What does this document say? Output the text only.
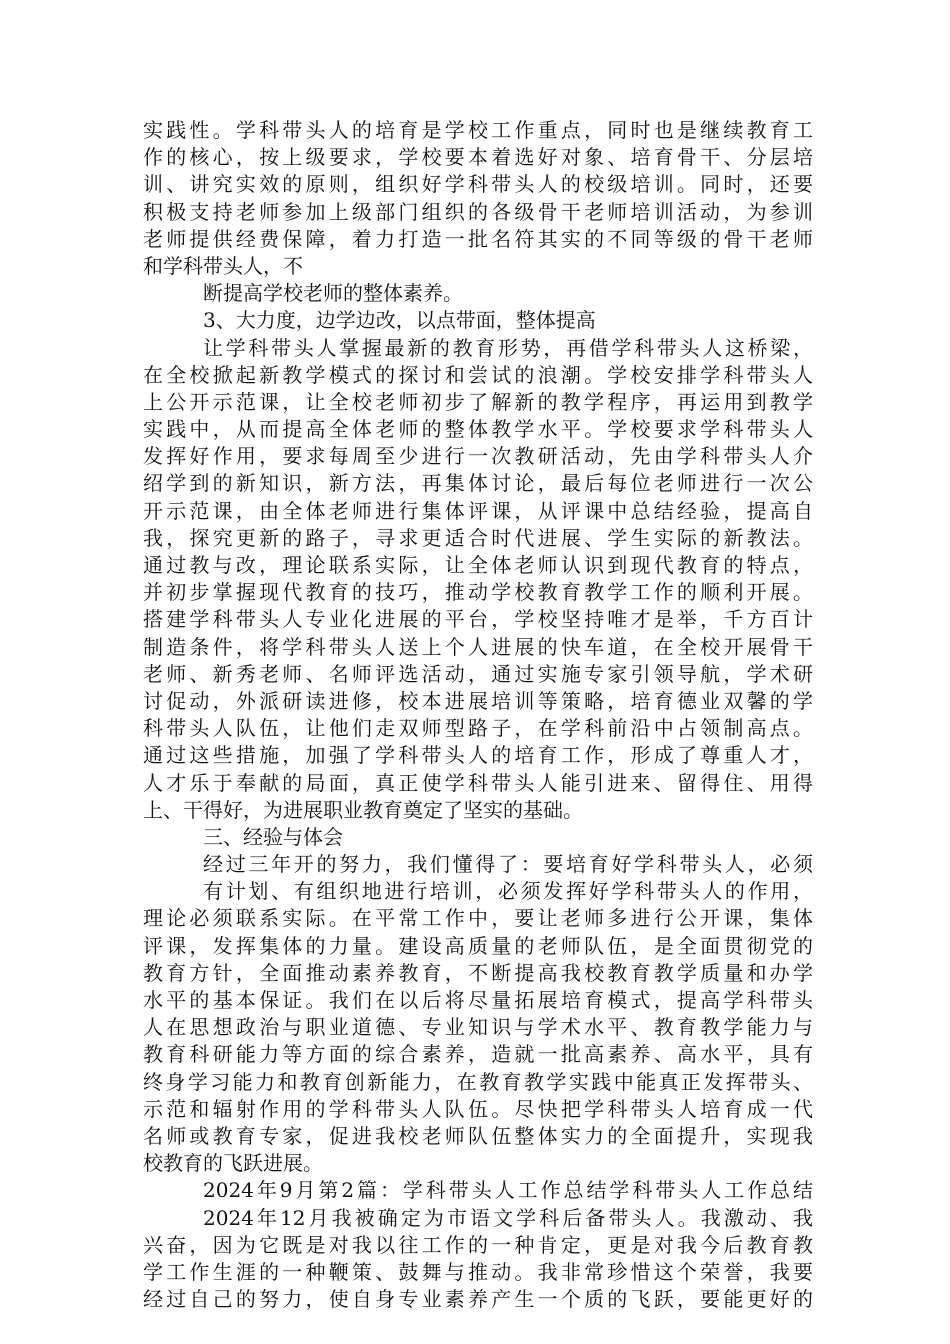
实践性。学科带头人的培育是学校工作重点，同时也是继续教育工
作的核心，按上级要求，学校要本着选好对象、培育骨干、分层培
训、讲究实效的原则，组织好学科带头人的校级培训。同时，还要
积极支持老师参加上级部门组织的各级骨干老师培训活动，为参训
老师提供经费保障，着力打造一批名符其实的不同等级的骨干老师
和学科带头人，不
断提高学校老师的整体素养。
3、大力度，边学边改，以点带面，整体提高
让学科带头人掌握最新的教育形势，再借学科带头人这桥梁，
在全校掀起新教学模式的探讨和尝试的浪潮。学校安排学科带头人
上公开示范课，让全校老师初步了解新的教学程序，再运用到教学
实践中，从而提高全体老师的整体教学水平。学校要求学科带头人
发挥好作用，要求每周至少进行一次教研活动，先由学科带头人介
绍学到的新知识，新方法，再集体讨论，最后每位老师进行一次公
开示范课，由全体老师进行集体评课，从评课中总结经验，提高自
我，探究更新的路子，寻求更适合时代进展、学生实际的新教法。
通过教与改，理论联系实际，让全体老师认识到现代教育的特点，
并初步掌握现代教育的技巧，推动学校教育教学工作的顺利开展。
搭建学科带头人专业化进展的平台，学校坚持唯才是举，千方百计
制造条件，将学科带头人送上个人进展的快车道，在全校开展骨干
老师、新秀老师、名师评选活动，通过实施专家引领导航，学术研
讨促动，外派研读进修，校本进展培训等策略，培育德业双馨的学
科带头人队伍，让他们走双师型路子，在学科前沿中占领制高点。
通过这些措施，加强了学科带头人的培育工作，形成了尊重人才，
人才乐于奉献的局面，真正使学科带头人能引进来、留得住、用得
上、干得好，为进展职业教育奠定了坚实的基础。
三、经验与体会
经过三年开的努力，我们懂得了：要培育好学科带头人，必须
有计划、有组织地进行培训，必须发挥好学科带头人的作用，
理论必须联系实际。在平常工作中，要让老师多进行公开课，集体
评课，发挥集体的力量。建设高质量的老师队伍，是全面贯彻党的
教育方针，全面推动素养教育，不断提高我校教育教学质量和办学
水平的基本保证。我们在以后将尽量拓展培育模式，提高学科带头
人在思想政治与职业道德、专业知识与学术水平、教育教学能力与
教育科研能力等方面的综合素养，造就一批高素养、高水平，具有
终身学习能力和教育创新能力，在教育教学实践中能真正发挥带头、
示范和辐射作用的学科带头人队伍。尽快把学科带头人培育成一代
名师或教育专家，促进我校老师队伍整体实力的全面提升，实现我
校教育的飞跃进展。
2024年9月第2篇：学科带头人工作总结学科带头人工作总结
2024年12月我被确定为市语文学科后备带头人。我激动、我
兴奋，因为它既是对我以往工作的一种肯定，更是对我今后教育教
学工作生涯的一种鞭策、鼓舞与推动。我非常珍惜这个荣誉，我要
经过自己的努力，使自身专业素养产生一个质的飞跃，要能更好的
